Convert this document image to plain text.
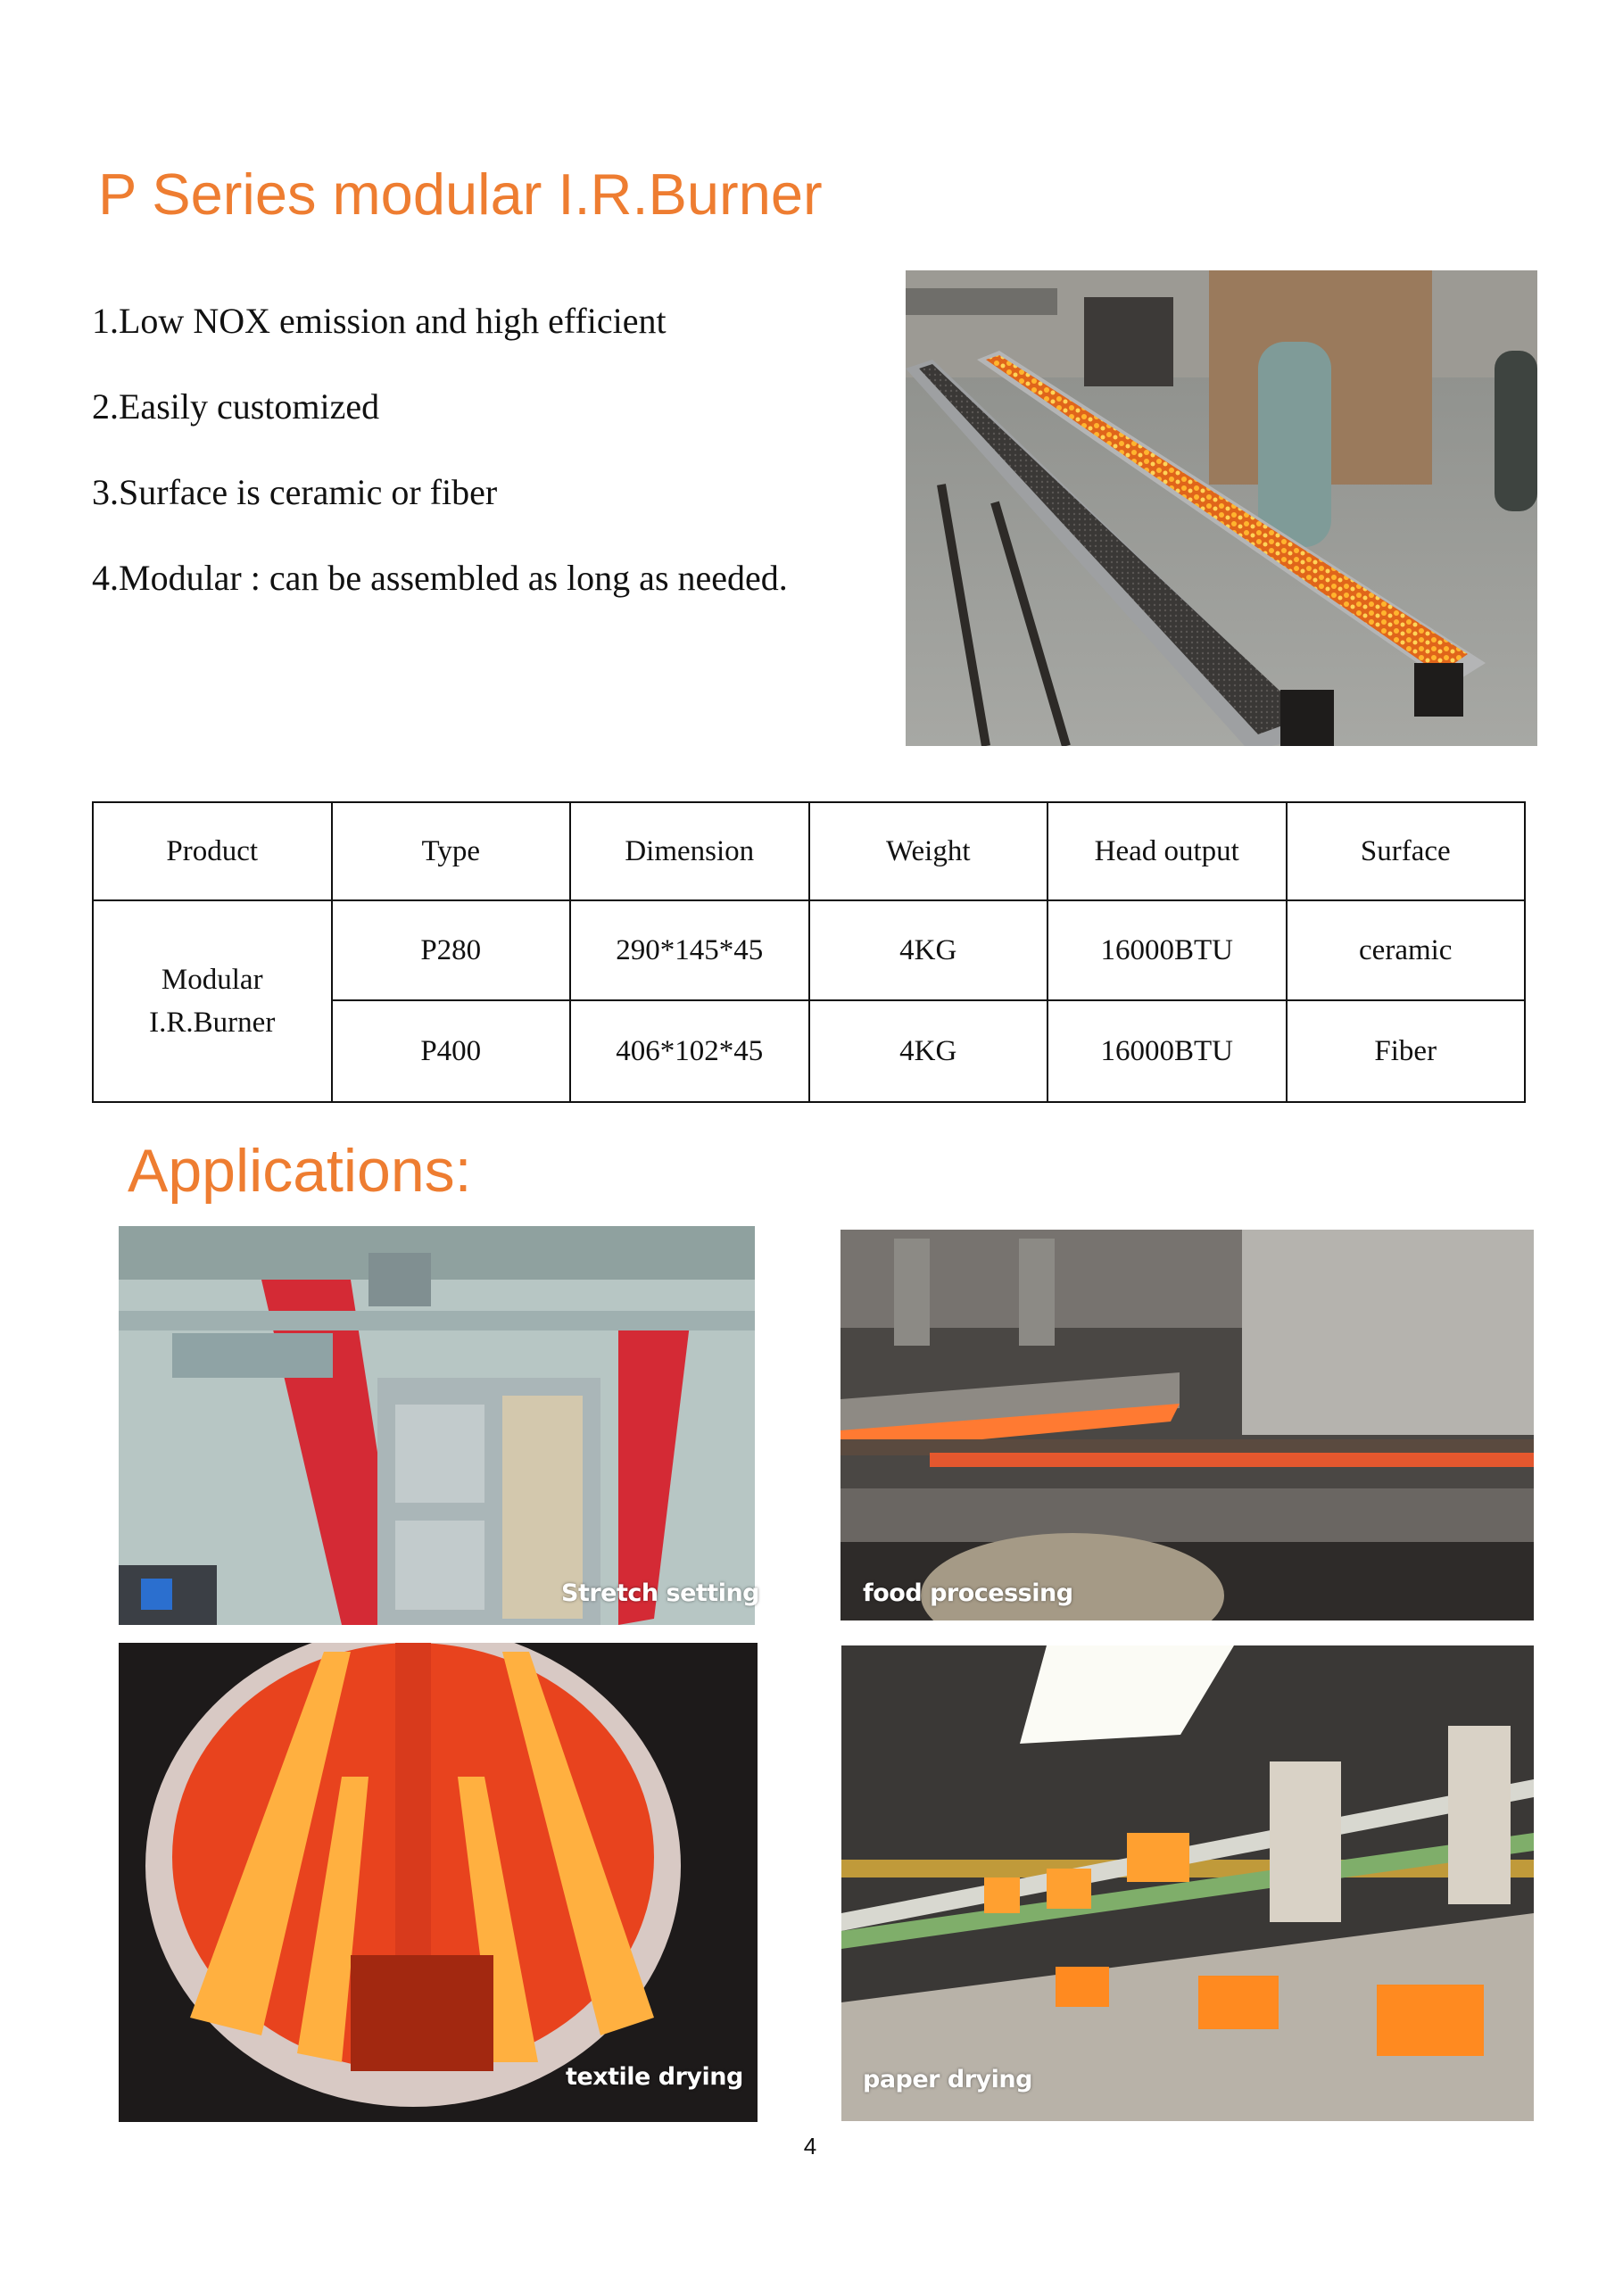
P Series modular I.R.Burner
1.Low NOX emission and high efficient
2.Easily customized
3.Surface is ceramic or fiber
4.Modular : can be assembled as long as needed.
Product	Type	Dimension	Weight	Head output	Surface

Modular
I.R.Burner	P280	290*145*45	4KG	16000BTU	ceramic
	P400	406*102*45	4KG	16000BTU	Fiber
Applications:
Stretch setting	food processing
textile drying	paper drying
4
